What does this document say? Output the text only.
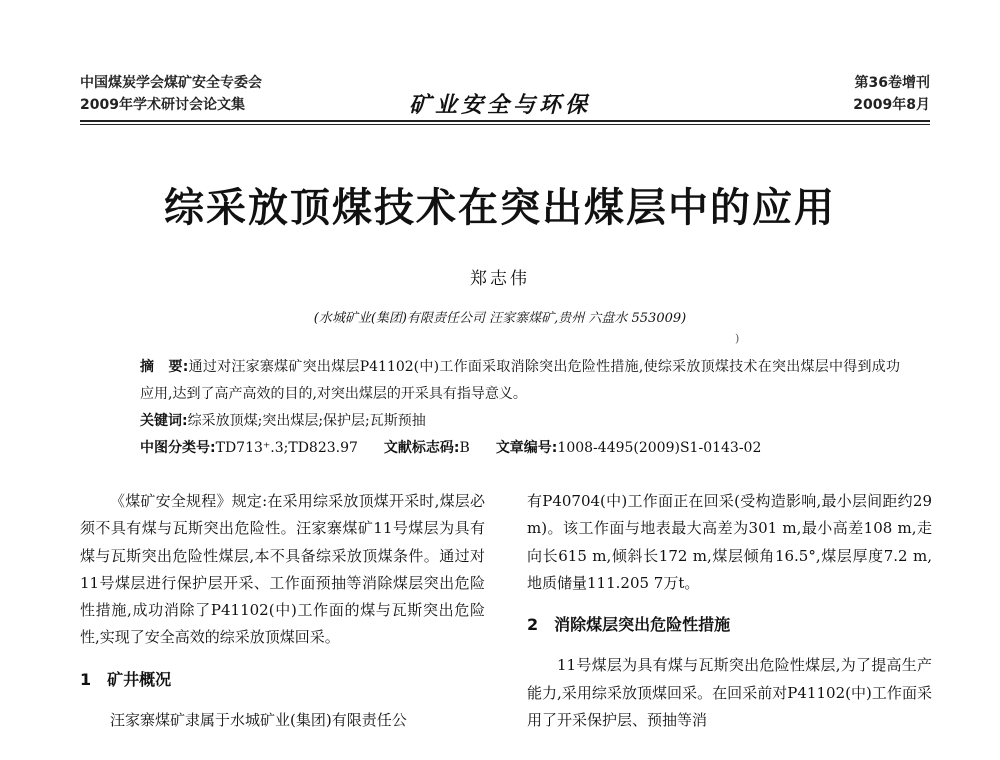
中国煤炭学会煤矿安全专委会
2009年学术研讨会论文集	矿业安全与环保
第36卷增刊
2009年8月
综采放顶煤技术在突出煤层中的应用
郑志伟
(水城矿业(集团)有限责任公司 汪家寨煤矿,贵州 六盘水 553009)
)

摘　要:通过对汪家寨煤矿突出煤层P41102(中)工作面采取消除突出危险性措施,使综采放顶煤技术在突出煤层中得到成功应用,达到了高产高效的目的,对突出煤层的开采具有指导意义。

关键词:综采放顶煤;突出煤层;保护层;瓦斯预抽
中图分类号:TD713⁺.3;TD823.97 文献标志码:B 文章编号:1008-4495(2009)S1-0143-02

《煤矿安全规程》规定:在采用综采放顶煤开采时,煤层必须不具有煤与瓦斯突出危险性。汪家寨煤矿11号煤层为具有煤与瓦斯突出危险性煤层,本不具备综采放顶煤条件。通过对11号煤层进行保护层开采、工作面预抽等消除煤层突出危险性措施,成功消除了P41102(中)工作面的煤与瓦斯突出危险性,实现了安全高效的综采放顶煤回采。

1　矿井概况

汪家寨煤矿隶属于水城矿业(集团)有限责任公

有P40704(中)工作面正在回采(受构造影响,最小层间距约29 m)。该工作面与地表最大高差为301 m,最小高差108 m,走向长615 m,倾斜长172 m,煤层倾角16.5°,煤层厚度7.2 m,地质储量111.205 7万t。

2　消除煤层突出危险性措施

11号煤层为具有煤与瓦斯突出危险性煤层,为了提高生产能力,采用综采放顶煤回采。在回采前对P41102(中)工作面采用了开采保护层、预抽等消
